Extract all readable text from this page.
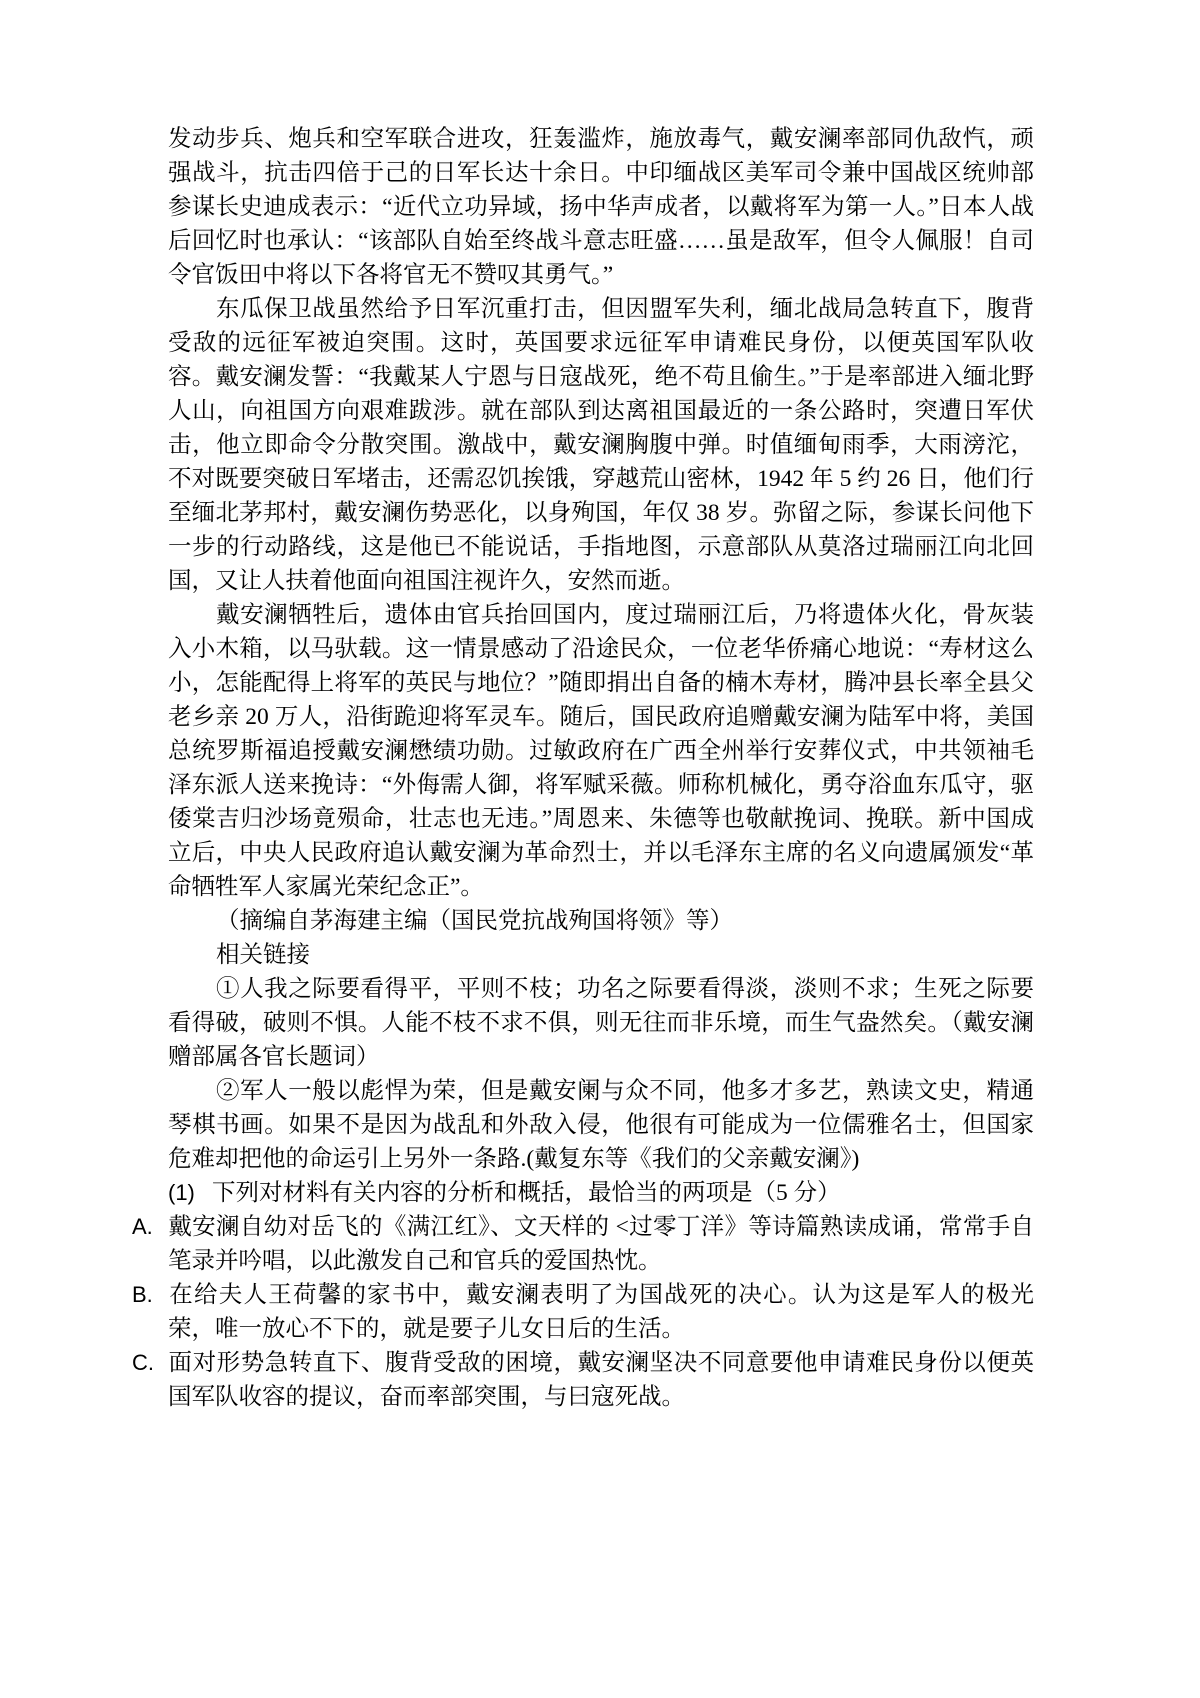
发动步兵、炮兵和空军联合进攻，狂轰滥炸，施放毒气，戴安澜率部同仇敌忾，顽强战斗，抗击四倍于己的日军长达十余日。中印缅战区美军司令兼中国战区统帅部参谋长史迪成表示：“近代立功异域，扬中华声成者，以戴将军为第一人。”日本人战后回忆时也承认：“该部队自始至终战斗意志旺盛……虽是敌军，但令人佩服！自司令官饭田中将以下各将官无不赞叹其勇气。”

东瓜保卫战虽然给予日军沉重打击，但因盟军失利，缅北战局急转直下，腹背受敌的远征军被迫突围。这时，英国要求远征军申请难民身份，以便英国军队收容。戴安澜发誓：“我戴某人宁恩与日寇战死，绝不苟且偷生。”于是率部进入缅北野人山，向祖国方向艰难跋涉。就在部队到达离祖国最近的一条公路时，突遭日军伏击，他立即命令分散突围。激战中，戴安澜胸腹中弹。时值缅甸雨季，大雨滂沱，不对既要突破日军堵击，还需忍饥挨饿，穿越荒山密林，1942 年 5 约 26 日，他们行至缅北茅邦村，戴安澜伤势恶化，以身殉国，年仅 38 岁。弥留之际，参谋长问他下一步的行动路线，这是他已不能说话，手指地图，示意部队从莫洛过瑞丽江向北回国，又让人扶着他面向祖国注视许久，安然而逝。

戴安澜牺牲后，遗体由官兵抬回国内，度过瑞丽江后，乃将遗体火化，骨灰装入小木箱，以马驮载。这一情景感动了沿途民众，一位老华侨痛心地说：“寿材这么小，怎能配得上将军的英民与地位？”随即捐出自备的楠木寿材，腾冲县长率全县父老乡亲 20 万人，沿街跪迎将军灵车。随后，国民政府追赠戴安澜为陆军中将，美国总统罗斯福追授戴安澜懋绩功勋。过敏政府在广西全州举行安葬仪式，中共领袖毛泽东派人送来挽诗：“外侮需人御，将军赋采薇。师称机械化，勇夺浴血东瓜守，驱倭棠吉归沙场竟殒命，壮志也无违。”周恩来、朱德等也敬献挽词、挽联。新中国成立后，中央人民政府追认戴安澜为革命烈士，并以毛泽东主席的名义向遗属颁发“革命牺牲军人家属光荣纪念正”。

（摘编自茅海建主编（国民党抗战殉国将领》等）

相关链接

①人我之际要看得平，平则不枝；功名之际要看得淡，淡则不求；生死之际要看得破，破则不惧。人能不枝不求不俱，则无往而非乐境，而生气盎然矣。（戴安澜赠部属各官长题词）

②军人一般以彪悍为荣，但是戴安阑与众不同，他多才多艺，熟读文史，精通琴棋书画。如果不是因为战乱和外敌入侵，他很有可能成为一位儒雅名士，但国家危难却把他的命运引上另外一条路.(戴复东等《我们的父亲戴安澜》)

(1) 下列对材料有关内容的分析和概括，最恰当的两项是（5 分）

A. 戴安澜自幼对岳飞的《满江红》、文天样的 <过零丁洋》等诗篇熟读成诵，常常手自笔录并吟唱，以此激发自己和官兵的爱国热忱。

B. 在给夫人王荷馨的家书中，戴安澜表明了为国战死的决心。认为这是军人的极光荣，唯一放心不下的，就是要子儿女日后的生活。

C. 面对形势急转直下、腹背受敌的困境，戴安澜坚决不同意要他申请难民身份以便英国军队收容的提议，奋而率部突围，与曰寇死战。
